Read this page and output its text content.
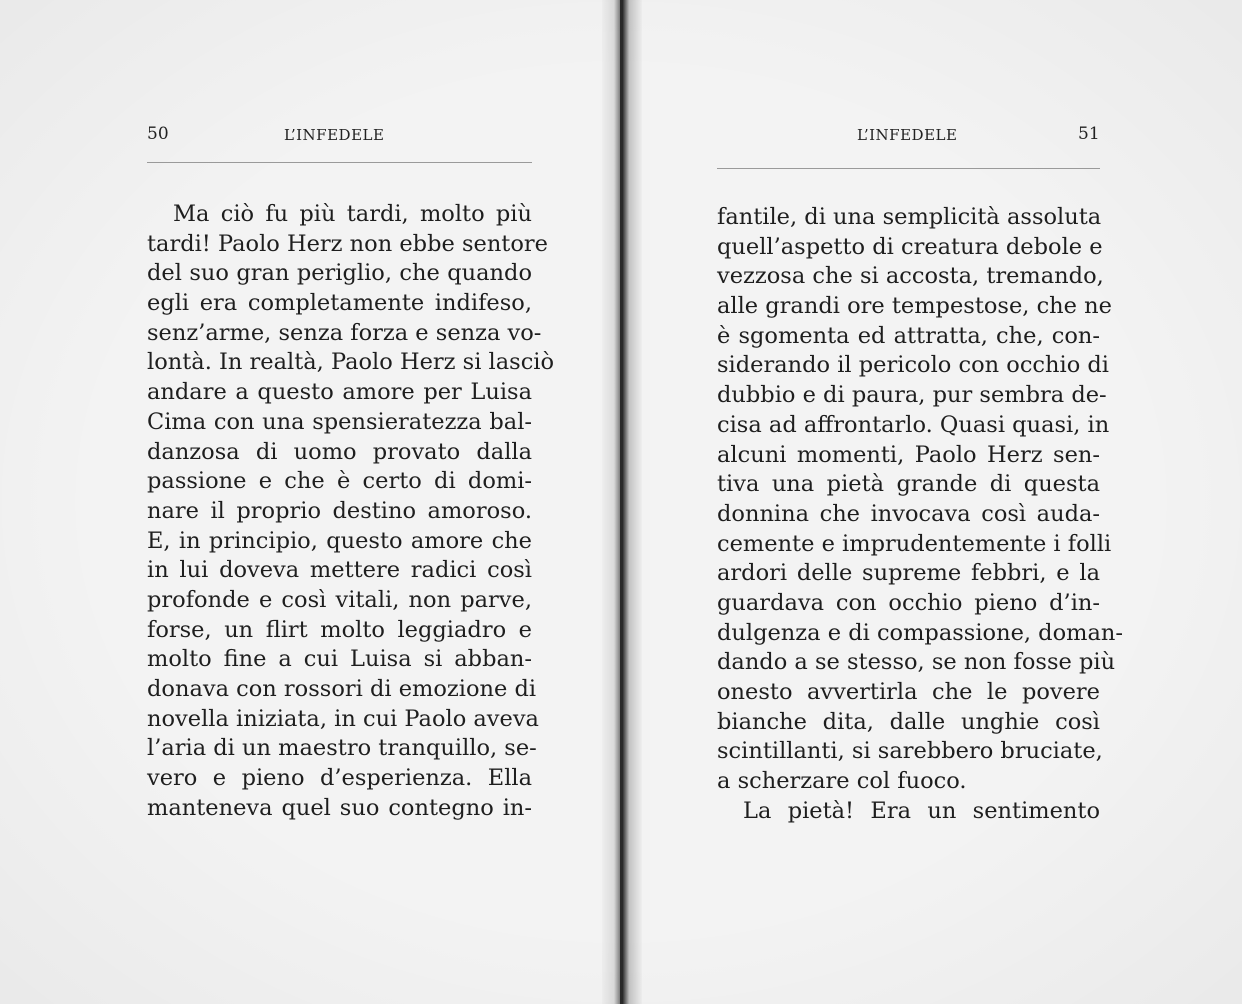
50	L’INFEDELE
Ma ciò fu più tardi, molto più
tardi! Paolo Herz non ebbe sentore
del suo gran periglio, che quando
egli era completamente indifeso,
senz’arme, senza forza e senza vo-
lontà. In realtà, Paolo Herz si lasciò
andare a questo amore per Luisa
Cima con una spensieratezza bal-
danzosa di uomo provato dalla
passione e che è certo di domi-
nare il proprio destino amoroso.
E, in principio, questo amore che
in lui doveva mettere radici così
profonde e così vitali, non parve,
forse, un flirt molto leggiadro e
molto fine a cui Luisa si abban-
donava con rossori di emozione di
novella iniziata, in cui Paolo aveva
l’aria di un maestro tranquillo, se-
vero e pieno d’esperienza. Ella
manteneva quel suo contegno in-
L’INFEDELE	51
fantile, di una semplicità assoluta
quell’aspetto di creatura debole e
vezzosa che si accosta, tremando,
alle grandi ore tempestose, che ne
è sgomenta ed attratta, che, con-
siderando il pericolo con occhio di
dubbio e di paura, pur sembra de-
cisa ad affrontarlo. Quasi quasi, in
alcuni momenti, Paolo Herz sen-
tiva una pietà grande di questa
donnina che invocava così auda-
cemente e imprudentemente i folli
ardori delle supreme febbri, e la
guardava con occhio pieno d’in-
dulgenza e di compassione, doman-
dando a se stesso, se non fosse più
onesto avvertirla che le povere
bianche dita, dalle unghie così
scintillanti, si sarebbero bruciate,
a scherzare col fuoco.
La pietà! Era un sentimento
